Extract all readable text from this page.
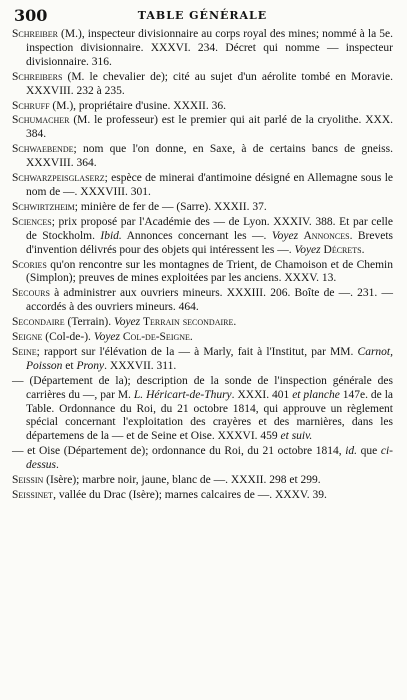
300	TABLE GÉNÉRALE

Schreiber (M.), inspecteur divisionnaire au corps royal des mines; nommé à la 5e. inspection divisionnaire. XXXVI. 234. Décret qui nomme — inspecteur divisionnaire. 316.

Schreibers (M. le chevalier de); cité au sujet d'un aérolite tombé en Moravie. XXXVIII. 232 à 235.

Schruff (M.), propriétaire d'usine. XXXII. 36.

Schumacher (M. le professeur) est le premier qui ait parlé de la cryolithe. XXX. 384.

Schwaebende; nom que l'on donne, en Saxe, à de certains bancs de gneiss. XXXVIII. 364.

Schwarzpeisglaserz; espèce de minerai d'antimoine désigné en Allemagne sous le nom de —. XXXVIII. 301.

Schwirtzheim; minière de fer de — (Sarre). XXXII. 37.

Sciences; prix proposé par l'Académie des — de Lyon. XXXIV. 388. Et par celle de Stockholm. Ibid. Annonces concernant les —. Voyez Annonces. Brevets d'invention délivrés pour des objets qui intéressent les —. Voyez Décrets.

Scories qu'on rencontre sur les montagnes de Trient, de Chamoison et de Chemin (Simplon); preuves de mines exploitées par les anciens. XXXV. 13.

Secours à administrer aux ouvriers mineurs. XXXIII. 206. Boîte de —. 231. — accordés à des ouvriers mineurs. 464.

Secondaire (Terrain). Voyez Terrain secondaire.

Seigne (Col-de-). Voyez Col-de-Seigne.

Seine; rapport sur l'élévation de la — à Marly, fait à l'Institut, par MM. Carnot, Poisson et Prony. XXXVII. 311.

— (Département de la); description de la sonde de l'inspection générale des carrières du —, par M. L. Héricart-de-Thury. XXXI. 401 et planche 147e. de la Table. Ordonnance du Roi, du 21 octobre 1814, qui approuve un règlement spécial concernant l'exploitation des crayères et des marnières, dans les départemens de la — et de Seine et Oise. XXXVI. 459 et suiv.

— et Oise (Département de); ordonnance du Roi, du 21 octobre 1814, id. que ci-dessus.

Seissin (Isère); marbre noir, jaune, blanc de —. XXXII. 298 et 299.

Seissinet, vallée du Drac (Isère); marnes calcaires de —. XXXV. 39.
